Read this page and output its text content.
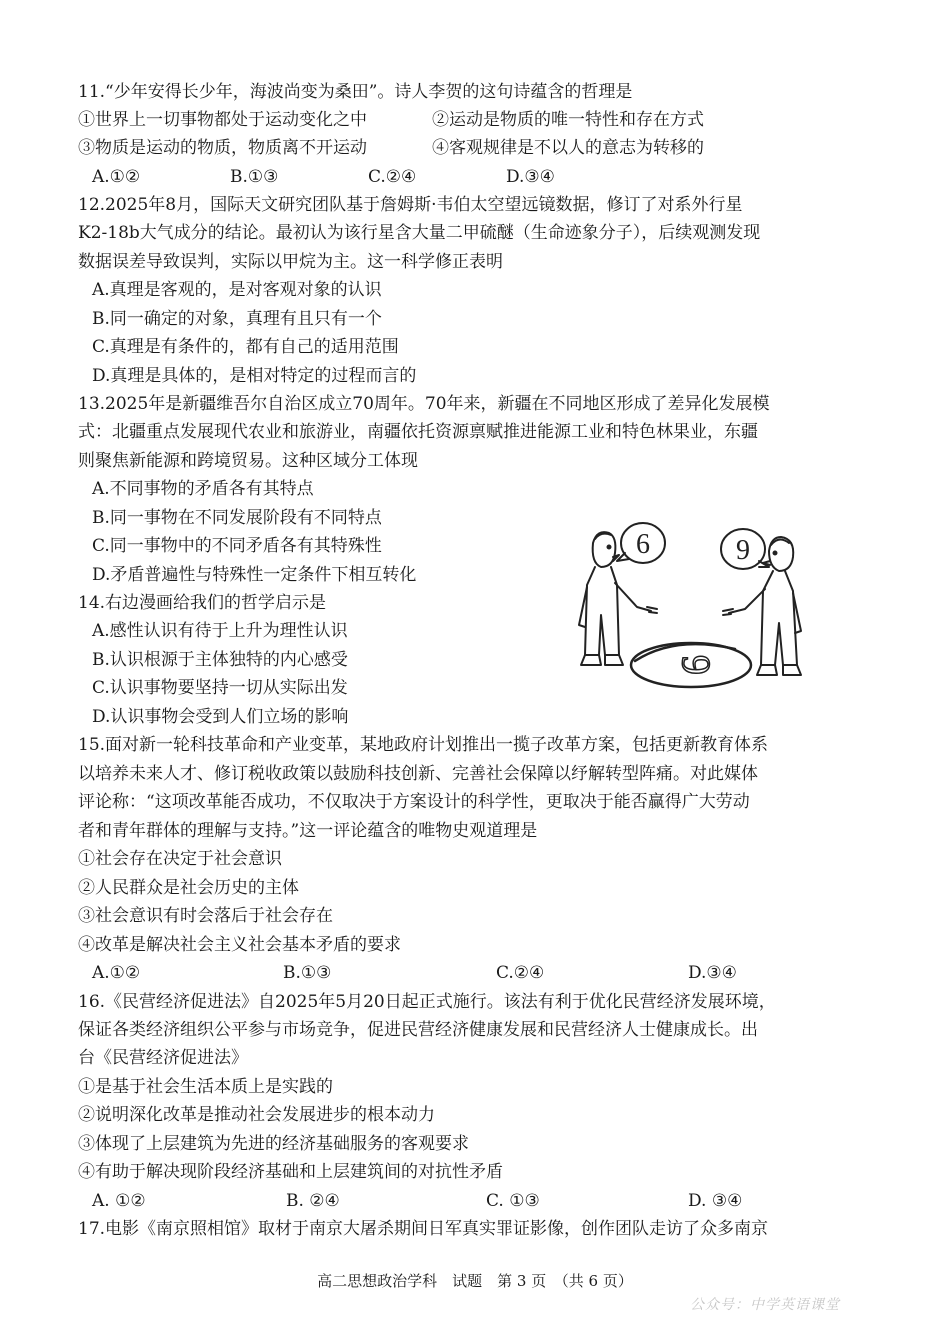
11.“少年安得长少年，海波尚变为桑田”。诗人李贺的这句诗蕴含的哲理是
①世界上一切事物都处于运动变化之中	②运动是物质的唯一特性和存在方式
③物质是运动的物质，物质离不开运动	④客观规律是不以人的意志为转移的
A.①②	B.①③	C.②④	D.③④
12.2025年8月，国际天文研究团队基于詹姆斯·韦伯太空望远镜数据，修订了对系外行星
K2-18b大气成分的结论。最初认为该行星含大量二甲硫醚（生命迹象分子），后续观测发现
数据误差导致误判，实际以甲烷为主。这一科学修正表明
A.真理是客观的，是对客观对象的认识
B.同一确定的对象，真理有且只有一个
C.真理是有条件的，都有自己的适用范围
D.真理是具体的，是相对特定的过程而言的
13.2025年是新疆维吾尔自治区成立70周年。70年来，新疆在不同地区形成了差异化发展模
式：北疆重点发展现代农业和旅游业，南疆依托资源禀赋推进能源工业和特色林果业，东疆
则聚焦新能源和跨境贸易。这种区域分工体现
A.不同事物的矛盾各有其特点
B.同一事物在不同发展阶段有不同特点
C.同一事物中的不同矛盾各有其特殊性
D.矛盾普遍性与特殊性一定条件下相互转化
14.右边漫画给我们的哲学启示是
A.感性认识有待于上升为理性认识
B.认识根源于主体独特的内心感受
C.认识事物要坚持一切从实际出发
D.认识事物会受到人们立场的影响
6	9
6
15.面对新一轮科技革命和产业变革，某地政府计划推出一揽子改革方案，包括更新教育体系
以培养未来人才、修订税收政策以鼓励科技创新、完善社会保障以纾解转型阵痛。对此媒体
评论称：“这项改革能否成功，不仅取决于方案设计的科学性，更取决于能否赢得广大劳动
者和青年群体的理解与支持。”这一评论蕴含的唯物史观道理是
①社会存在决定于社会意识
②人民群众是社会历史的主体
③社会意识有时会落后于社会存在
④改革是解决社会主义社会基本矛盾的要求
A.①②	B.①③	C.②④	D.③④
16.《民营经济促进法》自2025年5月20日起正式施行。该法有利于优化民营经济发展环境，
保证各类经济组织公平参与市场竞争，促进民营经济健康发展和民营经济人士健康成长。出
台《民营经济促进法》
①是基于社会生活本质上是实践的
②说明深化改革是推动社会发展进步的根本动力
③体现了上层建筑为先进的经济基础服务的客观要求
④有助于解决现阶段经济基础和上层建筑间的对抗性矛盾
A. ①②	B. ②④	C. ①③	D. ③④
17.电影《南京照相馆》取材于南京大屠杀期间日军真实罪证影像，创作团队走访了众多南京
高二思想政治学科　试题　第 3 页　（共 6 页）
公众号：中学英语课堂
